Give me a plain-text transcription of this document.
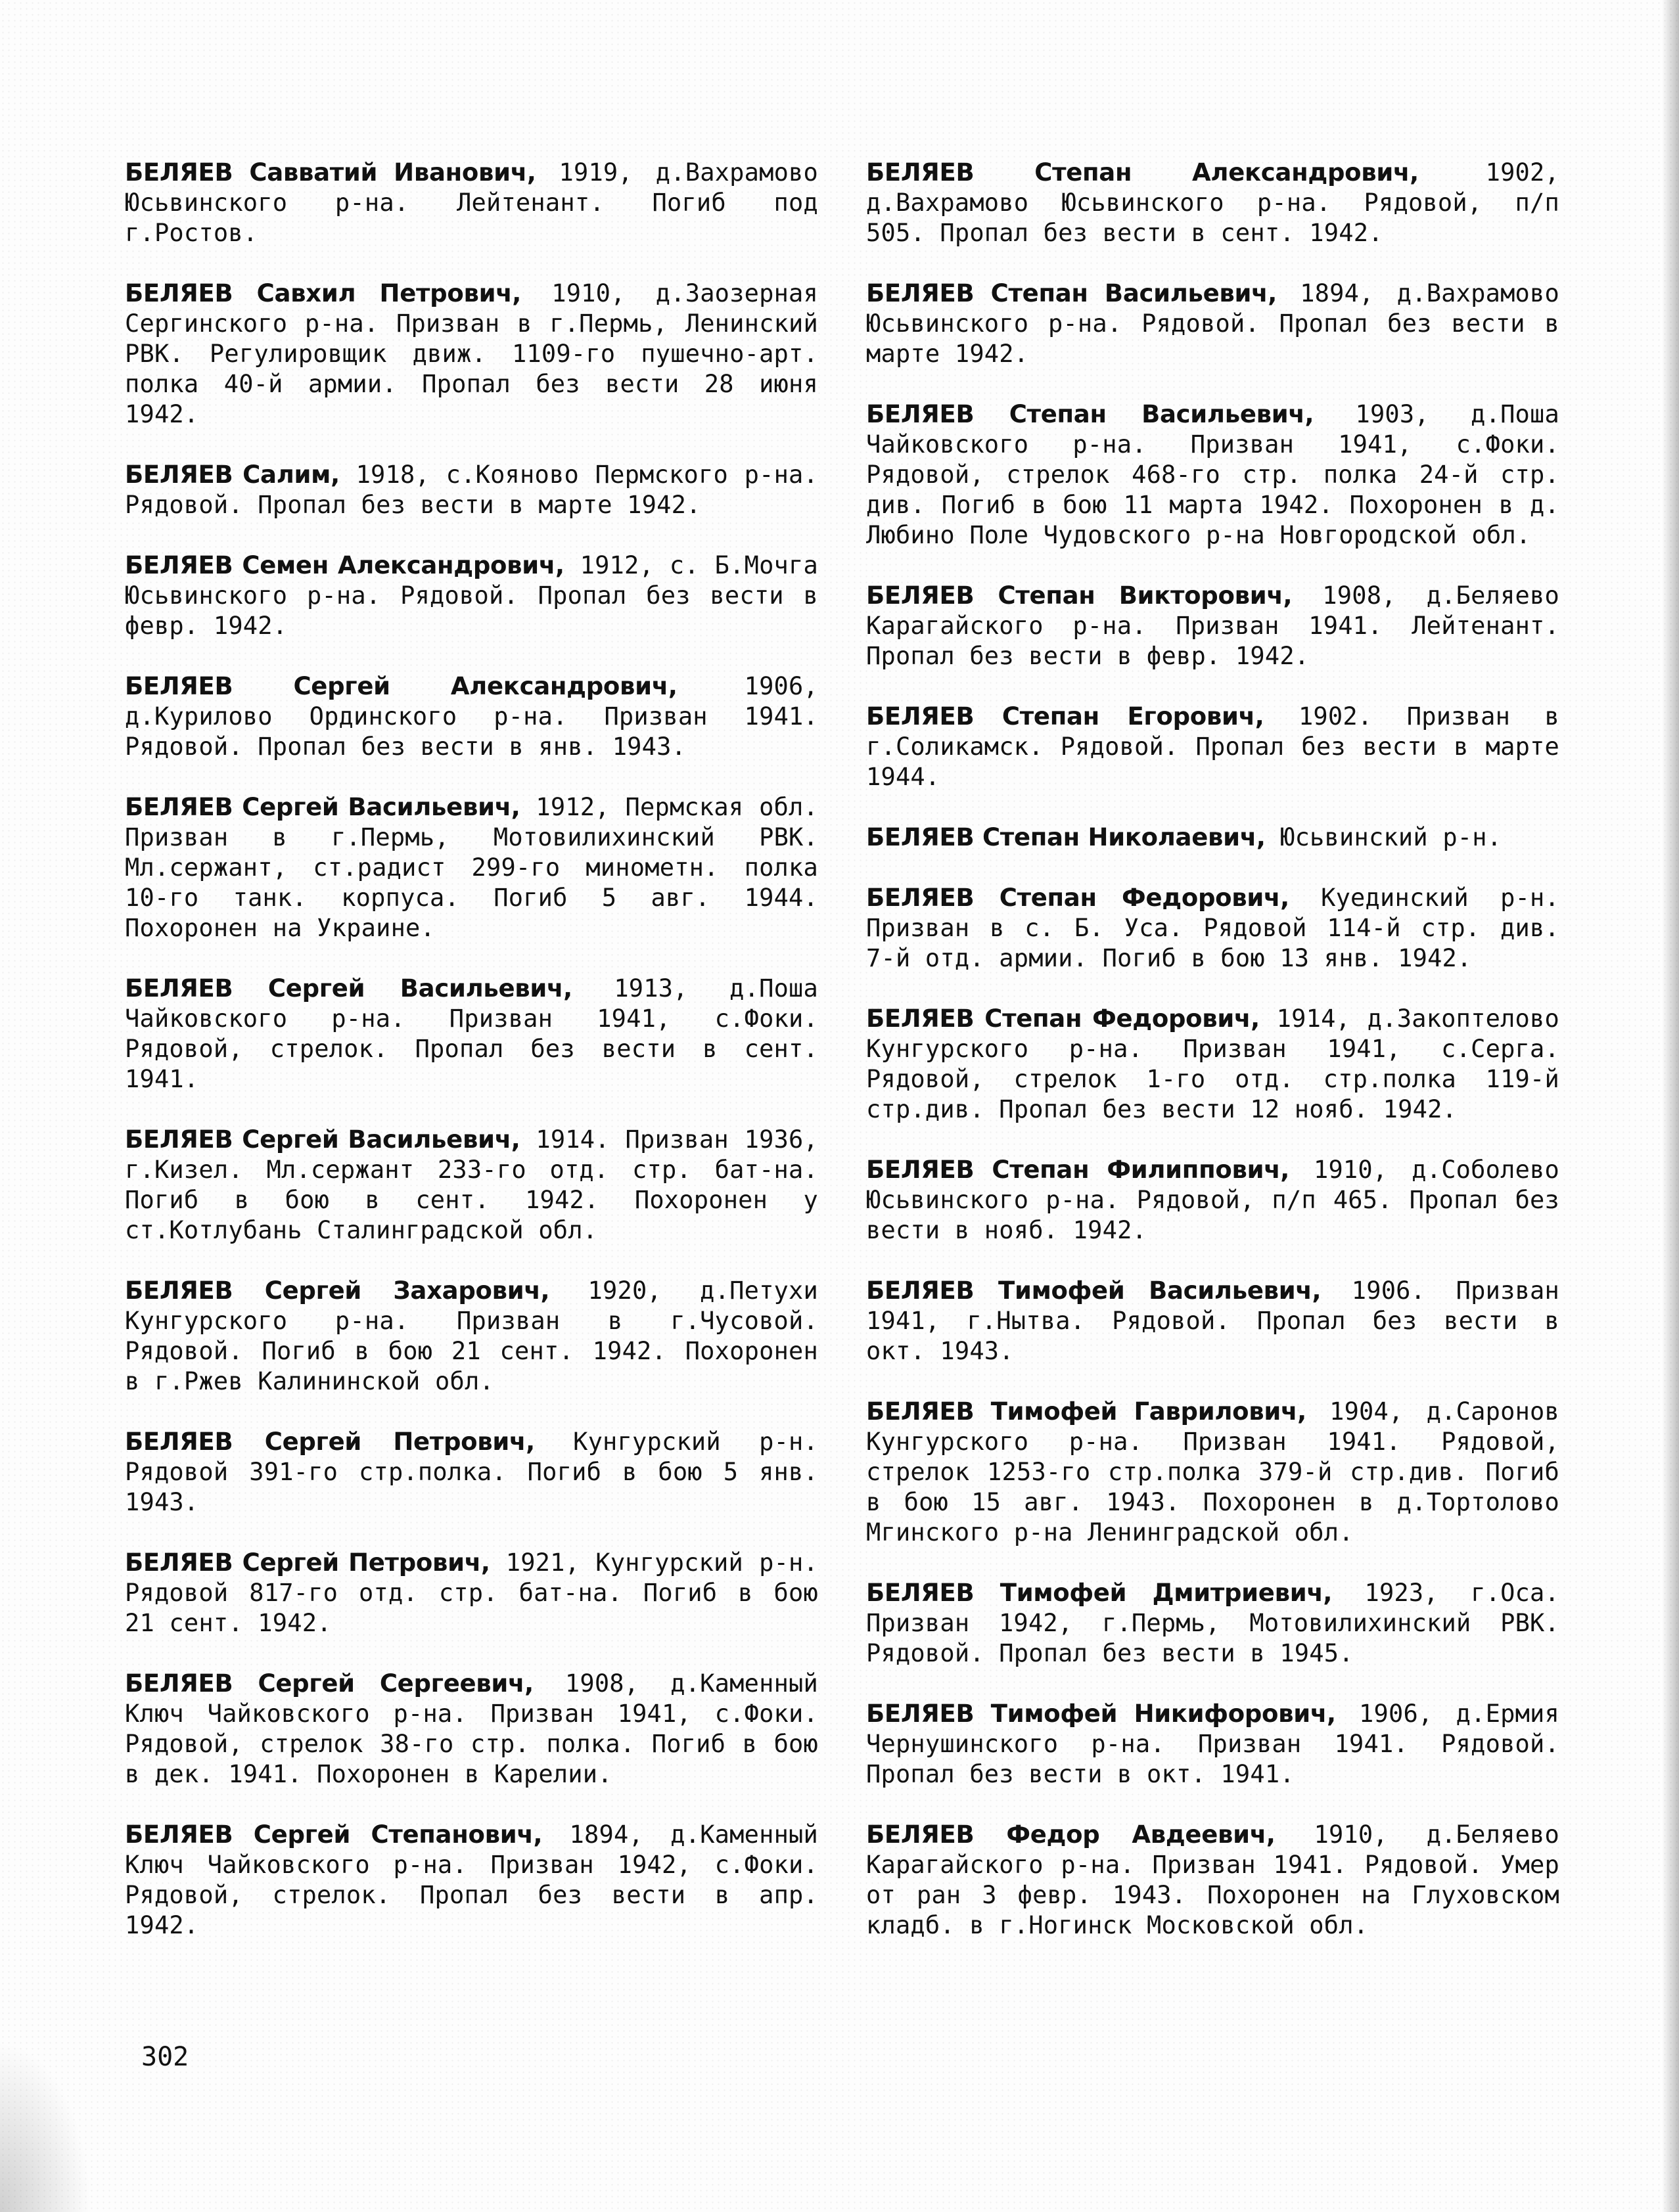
БЕЛЯЕВ Савватий Иванович, 1919, д.Вахрамово Юсьвинского р-на. Лейтенант. Погиб под г.Ростов.

БЕЛЯЕВ Савхил Петрович, 1910, д.Заозерная Сергинского р-на. Призван в г.Пермь, Ленинский РВК. Регулировщик движ. 1109-го пушечно-арт. полка 40-й армии. Пропал без вести 28 июня 1942.

БЕЛЯЕВ Салим, 1918, с.Кояново Пермского р-на. Рядовой. Пропал без вести в марте 1942.

БЕЛЯЕВ Семен Александрович, 1912, с. Б.Мочга Юсьвинского р-на. Рядовой. Пропал без вести в февр. 1942.

БЕЛЯЕВ Сергей Александрович,	1906, д.Курилово Ординского р-на. Призван 1941. Рядовой. Пропал без вести в янв. 1943.

БЕЛЯЕВ Сергей Васильевич, 1912, Пермская обл. Призван в г.Пермь, Мотовилихинский РВК. Мл.сержант, ст.радист 299-го минометн. полка 10-го танк. корпуса. Погиб 5 авг. 1944. Похоронен на Украине.

БЕЛЯЕВ Сергей Васильевич, 1913, д.Поша Чайковского р-на. Призван 1941, с.Фоки. Рядовой, стрелок. Пропал без вести в сент. 1941.

БЕЛЯЕВ Сергей Васильевич, 1914. Призван 1936, г.Кизел. Мл.сержант 233-го отд. стр. бат-на. Погиб в бою в сент. 1942. Похоронен у ст.Котлубань Сталинградской обл.

БЕЛЯЕВ Сергей Захарович, 1920, д.Петухи Кунгурского р-на. Призван в г.Чусовой. Рядовой. Погиб в бою 21 сент. 1942. Похоронен в г.Ржев Калининской обл.

БЕЛЯЕВ Сергей Петрович, Кунгурский р-н. Рядовой 391-го стр.полка. Погиб в бою 5 янв. 1943.

БЕЛЯЕВ Сергей Петрович, 1921, Кунгурский р-н. Рядовой 817-го отд. стр. бат-на. Погиб в бою 21 сент. 1942.

БЕЛЯЕВ Сергей Сергеевич, 1908, д.Каменный Ключ Чайковского р-на. Призван 1941, с.Фоки. Рядовой, стрелок 38-го стр. полка. Погиб в бою в дек. 1941. Похоронен в Карелии.

БЕЛЯЕВ Сергей Степанович, 1894, д.Каменный Ключ Чайковского р-на. Призван 1942, с.Фоки. Рядовой, стрелок. Пропал без вести в апр. 1942.

БЕЛЯЕВ Степан Александрович,	1902, д.Вахрамово Юсьвинского р-на. Рядовой, п/п 505. Пропал без вести в сент. 1942.

БЕЛЯЕВ Степан Васильевич, 1894, д.Вахрамово Юсьвинского р-на. Рядовой. Пропал без вести в марте 1942.

БЕЛЯЕВ Степан Васильевич, 1903, д.Поша Чайковского р-на. Призван 1941, с.Фоки. Рядовой, стрелок 468-го стр. полка 24-й стр. див. Погиб в бою 11 марта 1942. Похоронен в д. Любино Поле Чудовского р-на Новгородской обл.

БЕЛЯЕВ Степан Викторович, 1908, д.Беляево Карагайского р-на. Призван 1941. Лейтенант. Пропал без вести в февр. 1942.

БЕЛЯЕВ Степан Егорович, 1902. Призван в г.Соликамск. Рядовой. Пропал без вести в марте 1944.

БЕЛЯЕВ Степан Николаевич, Юсьвинский р-н.

БЕЛЯЕВ Степан Федорович, Куединский р-н. Призван в с. Б. Уса. Рядовой 114-й стр. див. 7-й отд. армии. Погиб в бою 13 янв. 1942.

БЕЛЯЕВ Степан Федорович, 1914, д.Закоптелово Кунгурского р-на. Призван 1941, с.Серга. Рядовой, стрелок 1-го отд. стр.полка 119-й стр.див. Пропал без вести 12 нояб. 1942.

БЕЛЯЕВ Степан Филиппович, 1910, д.Соболево Юсьвинского р-на. Рядовой, п/п 465. Пропал без вести в нояб. 1942.

БЕЛЯЕВ Тимофей Васильевич, 1906. Призван 1941, г.Нытва. Рядовой. Пропал без вести в окт. 1943.

БЕЛЯЕВ Тимофей Гаврилович, 1904, д.Саронов Кунгурского р-на. Призван 1941. Рядовой, стрелок 1253-го стр.полка 379-й стр.див. Погиб в бою 15 авг. 1943. Похоронен в д.Тортолово Мгинского р-на Ленинградской обл.

БЕЛЯЕВ Тимофей Дмитриевич, 1923, г.Оса. Призван 1942, г.Пермь, Мотовилихинский РВК. Рядовой. Пропал без вести в 1945.

БЕЛЯЕВ Тимофей Никифорович, 1906, д.Ермия Чернушинского р-на. Призван 1941. Рядовой. Пропал без вести в окт. 1941.

БЕЛЯЕВ Федор Авдеевич, 1910, д.Беляево Карагайского р-на. Призван 1941. Рядовой. Умер от ран 3 февр. 1943. Похоронен на Глуховском кладб. в г.Ногинск Московской обл.

302
